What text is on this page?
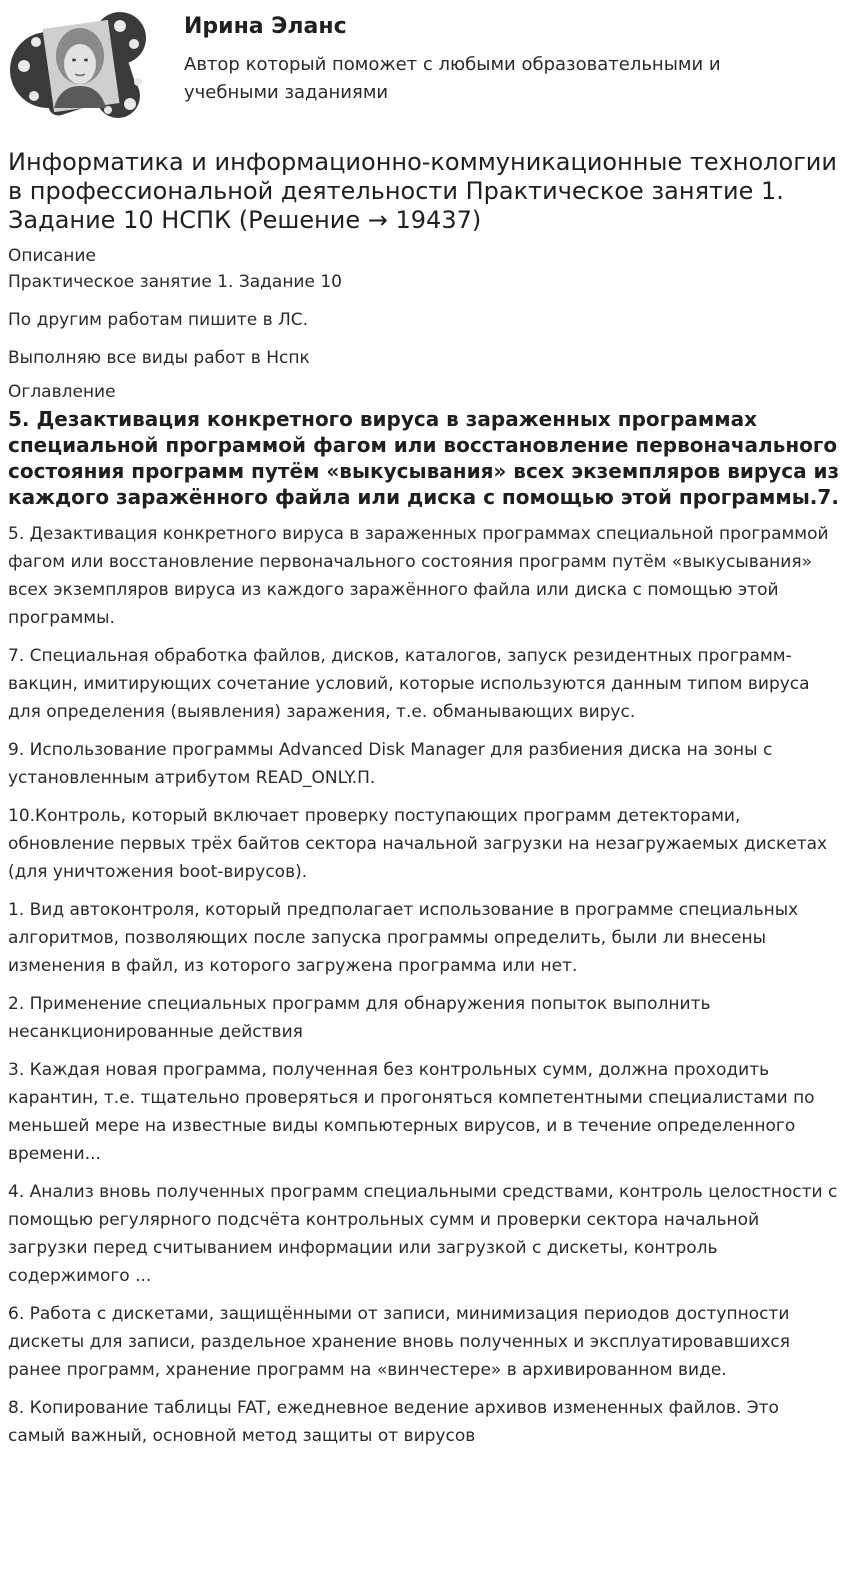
Ирина Эланс
Автор который поможет с любыми образовательными и учебными заданиями
Информатика и информационно-коммуникационные технологии в профессиональной деятельности Практическое занятие 1. Задание 10 НСПК (Решение → 19437)
Описание

Практическое занятие 1. Задание 10

По другим работам пишите в ЛС.

Выполняю все виды работ в Нспк

Оглавление
5. Дезактивация конкретного вируса в зараженных программах специальной программой фагом или восстановление первоначального состояния программ путём «выкусывания» всех экземпляров вируса из каждого заражённого файла или диска с помощью этой программы.7.

5. Дезактивация конкретного вируса в зараженных программах специальной программой фагом или восстановление первоначального состояния программ путём «выкусывания» всех экземпляров вируса из каждого заражённого файла или диска с помощью этой программы.

7. Специальная обработка файлов, дисков, каталогов, запуск резидентных программ-вакцин, имитирующих сочетание условий, которые используются данным типом вируса для определения (выявления) заражения, т.е. обманывающих вирус.

9. Использование программы Advanced Disk Manager для разбиения диска на зоны с установленным атрибутом READ_ONLY.П.

10.Контроль, который включает проверку поступающих программ детекторами, обновление первых трёх байтов сектора начальной загрузки на незагружаемых дискетах (для уничтожения boot-вирусов).

1. Вид автоконтроля, который предполагает использование в программе специальных алгоритмов, позволяющих после запуска программы определить, были ли внесены изменения в файл, из которого загружена программа или нет.

2. Применение специальных программ для обнаружения попыток выполнить несанкционированные действия

3. Каждая новая программа, полученная без контрольных сумм, должна проходить карантин, т.е. тщательно проверяться и прогоняться компетентными специалистами по меньшей мере на известные виды компьютерных вирусов, и в течение определенного времени...

4. Анализ вновь полученных программ специальными средствами, контроль целостности с помощью регулярного подсчёта контрольных сумм и проверки сектора начальной загрузки перед считыванием информации или загрузкой с дискеты, контроль содержимого ...

6. Работа с дискетами, защищёнными от записи, минимизация периодов доступности дискеты для записи, раздельное хранение вновь полученных и эксплуатировавшихся ранее программ, хранение программ на «винчестере» в архивированном виде.

8. Копирование таблицы FAT, ежедневное ведение архивов измененных файлов. Это самый важный, основной метод защиты от вирусов
